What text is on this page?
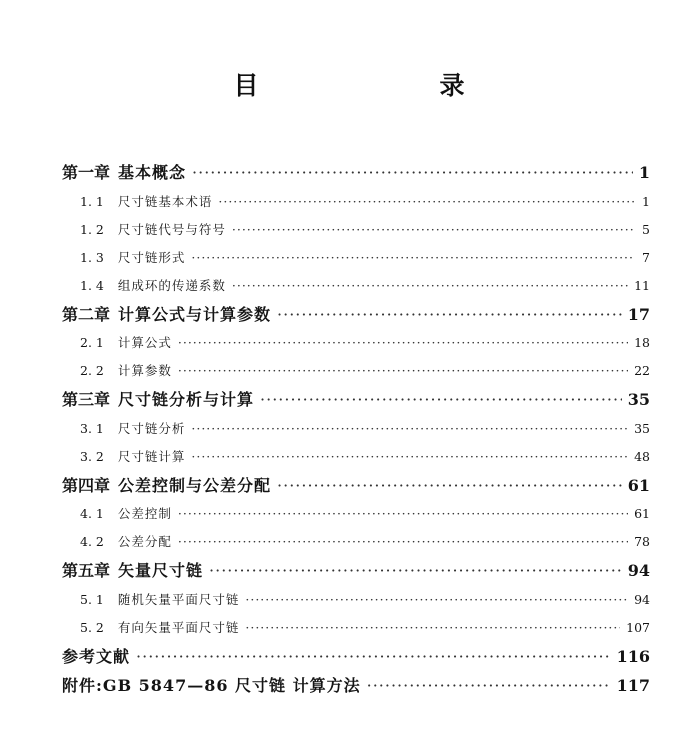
目　录
第一章 基本概念 ·····	1
1. 1 尺寸链基本术语 ·····	1
1. 2 尺寸链代号与符号 ·····	5
1. 3 尺寸链形式 ·····	7
1. 4 组成环的传递系数 ·····	11
第二章 计算公式与计算参数 ·····	17
2. 1 计算公式 ·····	18
2. 2 计算参数 ·····	22
第三章 尺寸链分析与计算 ·····	35
3. 1 尺寸链分析 ·····	35
3. 2 尺寸链计算 ·····	48
第四章 公差控制与公差分配 ·····	61
4. 1 公差控制 ·····	61
4. 2 公差分配 ·····	78
第五章 矢量尺寸链 ·····	94
5. 1 随机矢量平面尺寸链 ·····	94
5. 2 有向矢量平面尺寸链 ·····	107
参考文献 ·····	116
附件:GB 5847—86 尺寸链 计算方法 ·····	117
